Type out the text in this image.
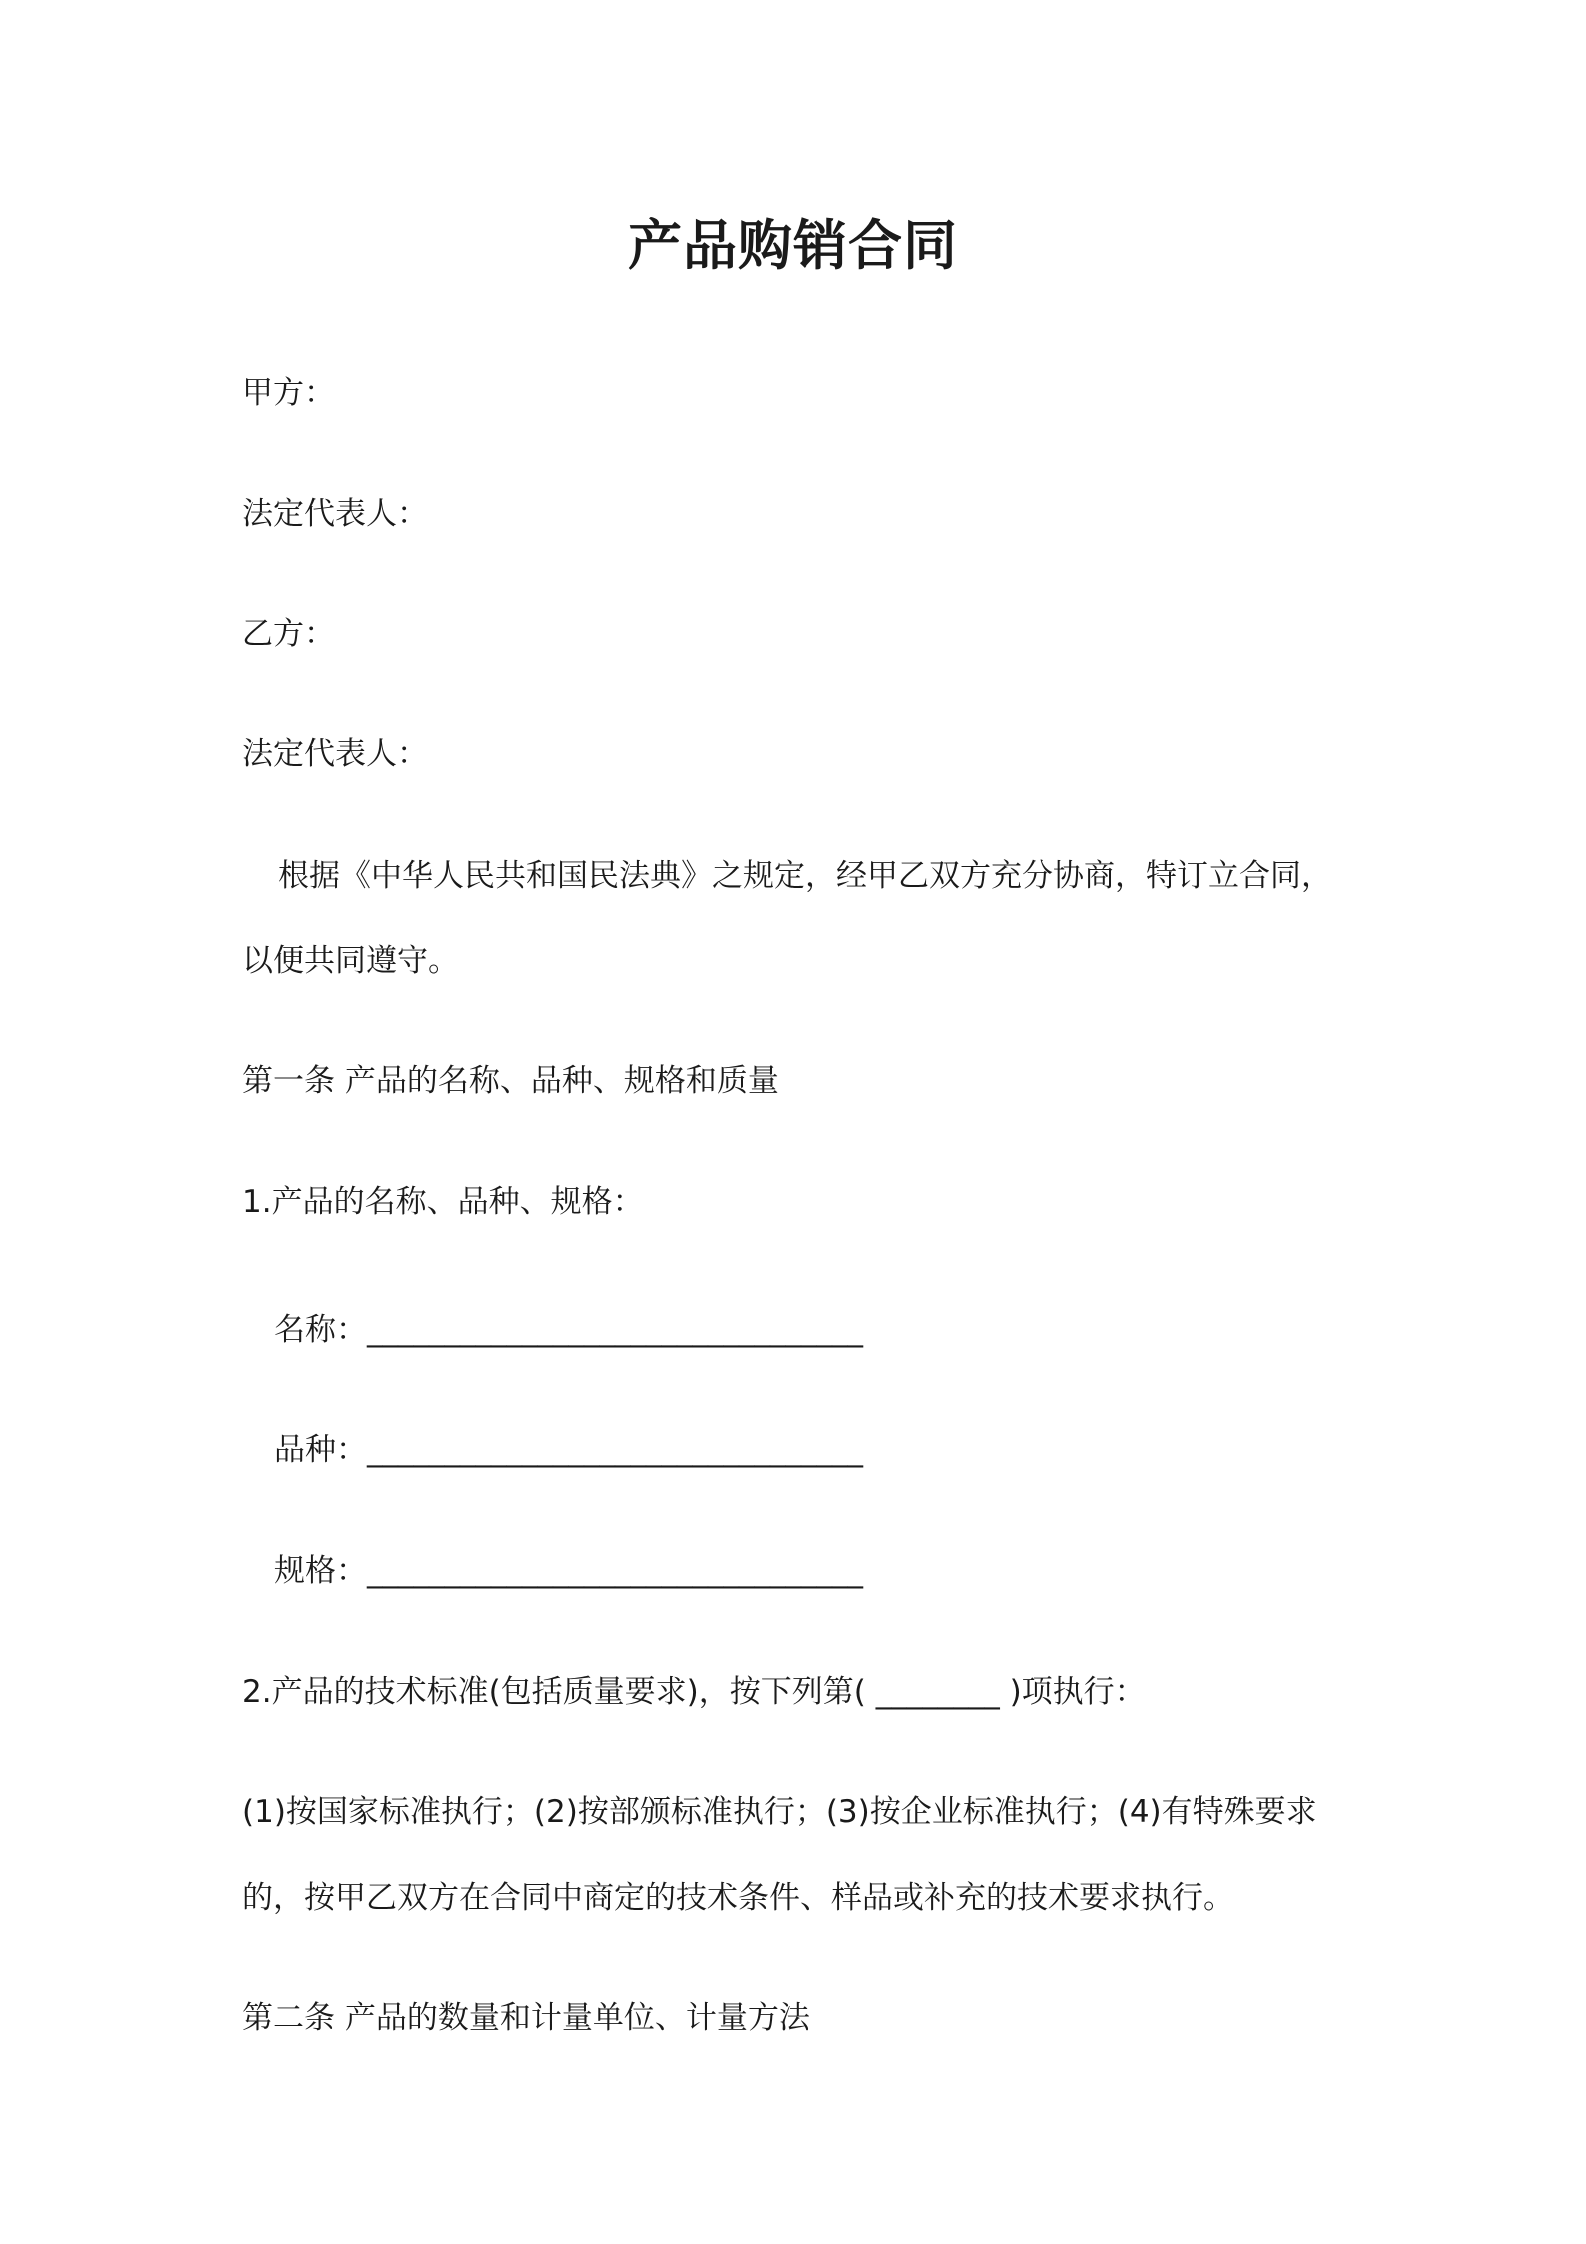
产品购销合同
甲方：
法定代表人：
乙方：
法定代表人：
根据《中华人民共和国民法典》之规定，经甲乙双方充分协商，特订立合同，
以便共同遵守。
第一条 产品的名称、品种、规格和质量
1.产品的名称、品种、规格：
名称：________________________________
品种：________________________________
规格：________________________________
2.产品的技术标准(包括质量要求)，按下列第( ________ )项执行：
(1)按国家标准执行；(2)按部颁标准执行；(3)按企业标准执行；(4)有特殊要求
的，按甲乙双方在合同中商定的技术条件、样品或补充的技术要求执行。
第二条 产品的数量和计量单位、计量方法
